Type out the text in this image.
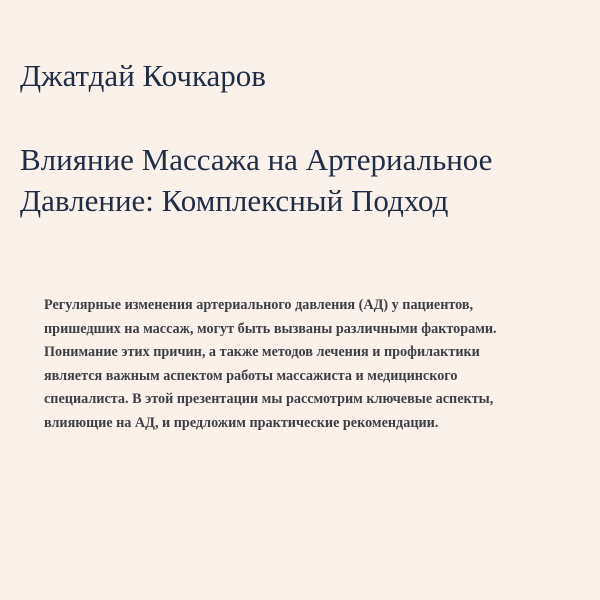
Джатдай Кочкаров
Влияние Массажа на Артериальное
Давление: Комплексный Подход

Регулярные изменения артериального давления (АД) у пациентов,
пришедших на массаж, могут быть вызваны различными факторами.
Понимание этих причин, а также методов лечения и профилактики
является важным аспектом работы массажиста и медицинского
специалиста. В этой презентации мы рассмотрим ключевые аспекты,
влияющие на АД, и предложим практические рекомендации.
